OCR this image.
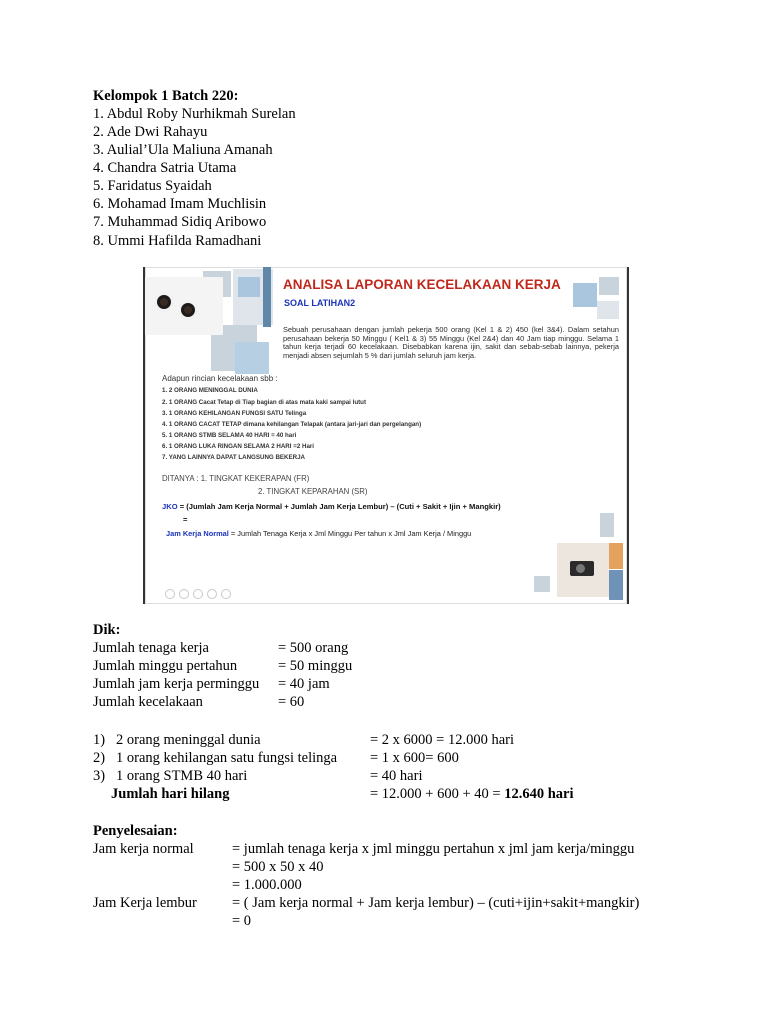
Kelompok 1 Batch 220:
1. Abdul Roby Nurhikmah Surelan
2. Ade Dwi Rahayu
3. Aulial’Ula Maliuna Amanah
4. Chandra Satria Utama
5. Faridatus Syaidah
6. Mohamad Imam Muchlisin
7. Muhammad Sidiq Aribowo
8. Ummi Hafilda Ramadhani
ANALISA LAPORAN KECELAKAAN KERJA
SOAL LATIHAN2
Sebuah perusahaan dengan jumlah pekerja 500 orang (Kel 1 & 2) 450 (kel 3&4). Dalam setahun perusahaan bekerja 50 Minggu ( Kel1 & 3) 55 Minggu (Kel 2&4) dan 40 Jam tiap minggu. Selama 1 tahun kerja terjadi 60 kecelakaan. Disebabkan karena ijin, sakit dan sebab-sebab lainnya, pekerja menjadi absen sejumlah 5 % dari jumlah seluruh jam kerja.
Adapun rincian kecelakaan sbb :
1. 2 ORANG MENINGGAL DUNIA
2. 1 ORANG Cacat Tetap di Tiap bagian di atas mata kaki sampai lutut
3. 1 ORANG KEHILANGAN FUNGSI SATU Telinga
4. 1 ORANG CACAT TETAP dimana kehilangan Telapak (antara jari-jari dan pergelangan)
5. 1 ORANG STMB SELAMA 40 HARI = 40 hari
6. 1 ORANG LUKA RINGAN SELAMA 2 HARI =2 Hari
7. YANG LAINNYA DAPAT LANGSUNG BEKERJA
DITANYA : 1. TINGKAT KEKERAPAN (FR)
2. TINGKAT KEPARAHAN (SR)
JKO = (Jumlah Jam Kerja Normal + Jumlah Jam Kerja Lembur) – (Cuti + Sakit + Ijin + Mangkir)
=
Jam Kerja Normal = Jumlah Tenaga Kerja x Jml Minggu Per tahun x Jml Jam Kerja / Minggu
Dik:
Jumlah tenaga kerja	= 500 orang
Jumlah minggu pertahun	= 50 minggu
Jumlah jam kerja perminggu = 40 jam
Jumlah kecelakaan	= 60
1) 2 orang meninggal dunia	= 2 x 6000 = 12.000 hari
2) 1 orang kehilangan satu fungsi telinga = 1 x 600= 600
3) 1 orang STMB 40 hari	= 40 hari
Jumlah hari hilang	= 12.000 + 600 + 40 = 12.640 hari
Penyelesaian:
Jam kerja normal	= jumlah tenaga kerja x jml minggu pertahun x jml jam kerja/minggu
= 500 x 50 x 40
= 1.000.000
Jam Kerja lembur = ( Jam kerja normal + Jam kerja lembur) – (cuti+ijin+sakit+mangkir)
= 0
